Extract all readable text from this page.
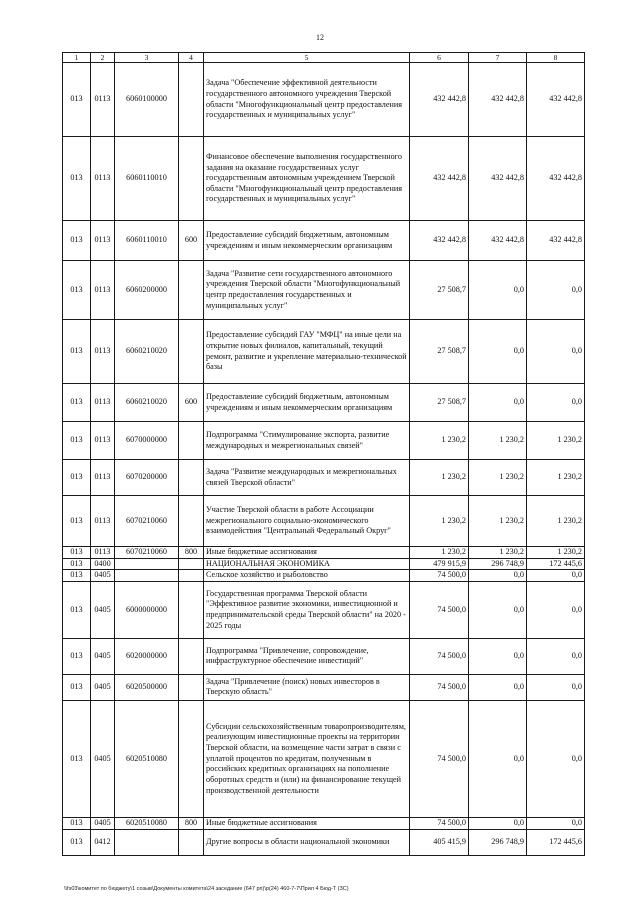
12
1	2	3	4	5	6	7	8
013	0113	6060100000		Задача "Обеспечение эффективной деятельности государственного автономного учреждения Тверской области "Многофункциональный центр предоставления государственных и муниципальных услуг"	432 442,8	432 442,8	432 442,8
013	0113	6060110010		Финансовое обеспечение выполнения государственного задания на оказание государственных услуг государственным автономным учреждением Тверской области "Многофункциональный центр предоставления государственных и муниципальных услуг"	432 442,8	432 442,8	432 442,8
013	0113	6060110010	600	Предоставление субсидий бюджетным, автономным учреждениям и иным некоммерческим организациям	432 442,8	432 442,8	432 442,8
013	0113	6060200000		Задача "Развитие сети государственного автономного учреждения Тверской области "Многофункциональный центр предоставления государственных и муниципальных услуг"	27 508,7	0,0	0,0
013	0113	6060210020		Предоставление субсидий ГАУ "МФЦ" на иные цели на открытие новых филиалов, капитальный, текущий ремонт, развитие и укрепление материально-технической базы	27 508,7	0,0	0,0
013	0113	6060210020	600	Предоставление субсидий бюджетным, автономным учреждениям и иным некоммерческим организациям	27 508,7	0,0	0,0
013	0113	6070000000		Подпрограмма "Стимулирование экспорта, развитие международных и межрегиональных связей"	1 230,2	1 230,2	1 230,2
013	0113	6070200000		Задача "Развитие международных и межрегиональных связей Тверской области"	1 230,2	1 230,2	1 230,2
013	0113	6070210060		Участие Тверской области в работе Ассоциации межрегионального социально-экономического взаимодействия "Центральный Федеральный Округ"	1 230,2	1 230,2	1 230,2
013	0113	6070210060	800	Иные бюджетные ассигнования	1 230,2	1 230,2	1 230,2
013	0400			НАЦИОНАЛЬНАЯ ЭКОНОМИКА	479 915,9	296 748,9	172 445,6
013	0405			Сельское хозяйство и рыболовство	74 500,0	0,0	0,0
013	0405	6000000000		Государственная программа Тверской области "Эффективное развитие экономики, инвестиционной и предпринимательской среды Тверской области" на 2020 - 2025 годы	74 500,0	0,0	0,0
013	0405	6020000000		Подпрограмма "Привлечение, сопровождение, инфраструктурное обеспечение инвестиций"	74 500,0	0,0	0,0
013	0405	6020500000		Задача "Привлечение (поиск) новых инвесторов в Тверскую область"	74 500,0	0,0	0,0
013	0405	6020510080		Субсидии сельскохозяйственным товаропроизводителям, реализующим инвестиционные проекты на территории Тверской области, на возмещение части затрат в связи с уплатой процентов по кредитам, полученным в российских кредитных организациях на пополнение оборотных средств и (или) на финансирование текущей производственной деятельности	74 500,0	0,0	0,0
013	0405	6020510080	800	Иные бюджетные ассигнования	74 500,0	0,0	0,0
013	0412			Другие вопросы в области национальной экономики	405 415,9	296 748,9	172 445,6
\\fs03\комитет по бюджету\1 созыв\Документы комитета\24 заседание (647 рп)\р(24) 460-7-7\Прил 4 Бюд-Т (ЗС)
